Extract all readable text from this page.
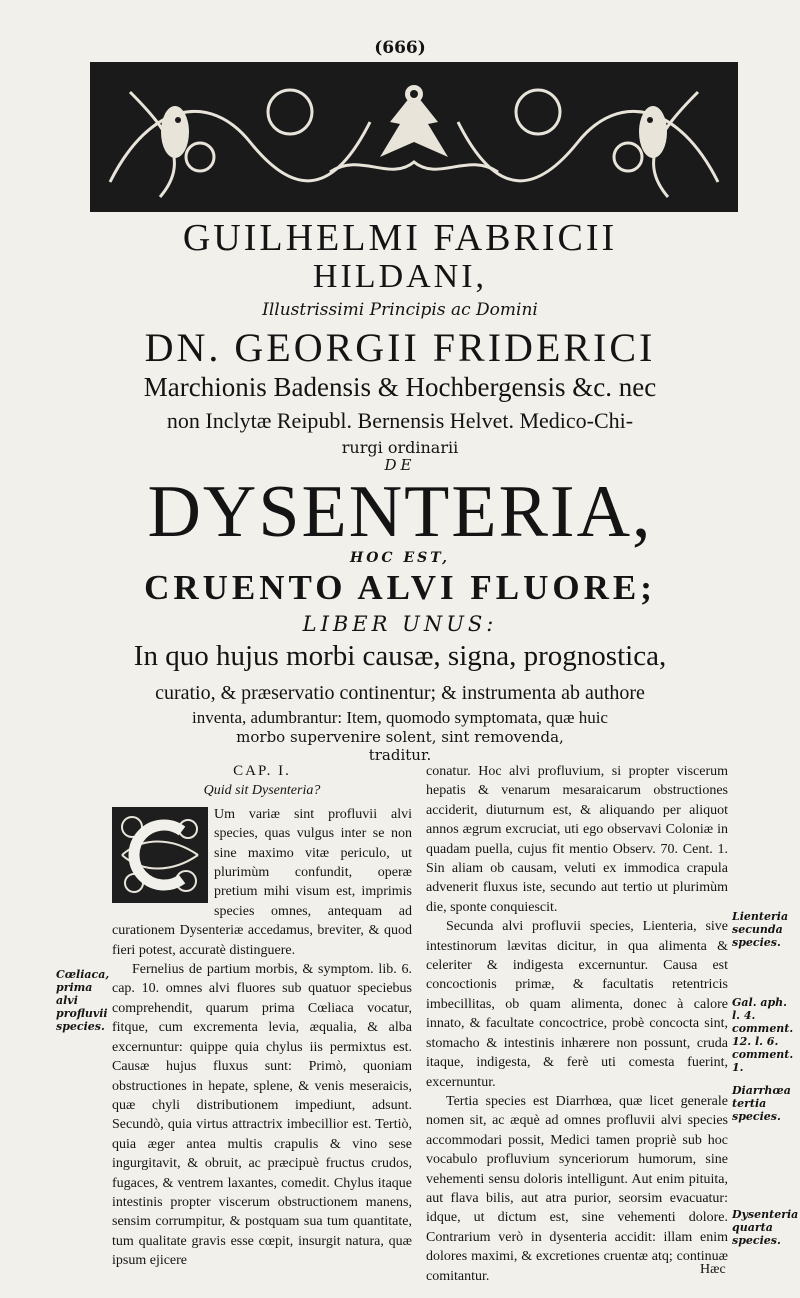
(666)
GUILHELMI FABRICII
HILDANI,
Illustrissimi Principis ac Domini
DN. GEORGII FRIDERICI
Marchionis Badensis & Hochbergensis &c. nec
non Inclytæ Reipubl. Bernensis Helvet. Medico-Chi-
rurgi ordinarii
DE
DYSENTERIA,
HOC EST,
CRUENTO ALVI FLUORE;
LIBER UNUS:
In quo hujus morbi causæ, signa, prognostica,
curatio, & præservatio continentur; & instrumenta ab authore
inventa, adumbrantur: Item, quomodo symptomata, quæ huic
morbo supervenire solent, sint removenda,
traditur.
CAP. I.
Quid sit Dysenteria?

Um variæ sint profluvii alvi species, quas vulgus inter se non sine maximo vitæ periculo, ut plurimùm confundit, operæ pretium mihi visum est, imprimis species omnes, antequam ad curationem Dysenteriæ accedamus, breviter, & quod fieri potest, accuratè distinguere.

Fernelius de partium morbis, & symptom. lib. 6. cap. 10. omnes alvi fluores sub quatuor speciebus comprehendit, quarum prima Cœliaca vocatur, fitque, cum excrementa levia, æqualia, & alba excernuntur: quippe quia chylus iis permixtus est. Causæ hujus fluxus sunt: Primò, quoniam obstructiones in hepate, splene, & venis meseraicis, quæ chyli distributionem impediunt, adsunt. Secundò, quia virtus attractrix imbecillior est. Tertiò, quia æger antea multis crapulis & vino sese ingurgitavit, & obruit, ac præcipuè fructus crudos, fugaces, & ventrem laxantes, comedit. Chylus itaque intestinis propter viscerum obstructionem manens, sensim corrumpitur, & postquam sua tum quantitate, tum qualitate gravis esse cœpit, insurgit natura, quæ ipsum ejicere

conatur. Hoc alvi profluvium, si propter viscerum hepatis & venarum mesaraicarum obstructiones acciderit, diuturnum est, & aliquando per aliquot annos ægrum excruciat, uti ego observavi Coloniæ in quadam puella, cujus fit mentio Observ. 70. Cent. 1. Sin aliam ob causam, veluti ex immodica crapula advenerit fluxus iste, secundo aut tertio ut plurimùm die, sponte conquiescit.

Secunda alvi profluvii species, Lienteria, sive intestinorum lævitas dicitur, in qua alimenta & celeriter & indigesta excernuntur. Causa est concoctionis primæ, & facultatis retentricis imbecillitas, ob quam alimenta, donec à calore innato, & facultate concoctrice, probè concocta sint, stomacho & intestinis inhærere non possunt, cruda itaque, indigesta, & ferè uti comesta fuerint, excernuntur.

Tertia species est Diarrhœa, quæ licet generale nomen sit, ac æquè ad omnes profluvii alvi species accommodari possit, Medici tamen propriè sub hoc vocabulo profluvium synceriorum humorum, sine vehementi sensu doloris intelligunt. Aut enim pituita, aut flava bilis, aut atra purior, seorsim evacuatur: idque, ut dictum est, sine vehementi dolore. Contrarium verò in dysenteria accidit: illam enim dolores maximi, & excretiones cruentæ atq; continuæ comitantur.

Cœliaca, prima alvi profluvii species.
Lienteria secunda species.
Gal. aph. l. 4. comment. 12. l. 6. comment. 1.
Diarrhœa tertia species.
Dysenteria quarta species.
Hæc
